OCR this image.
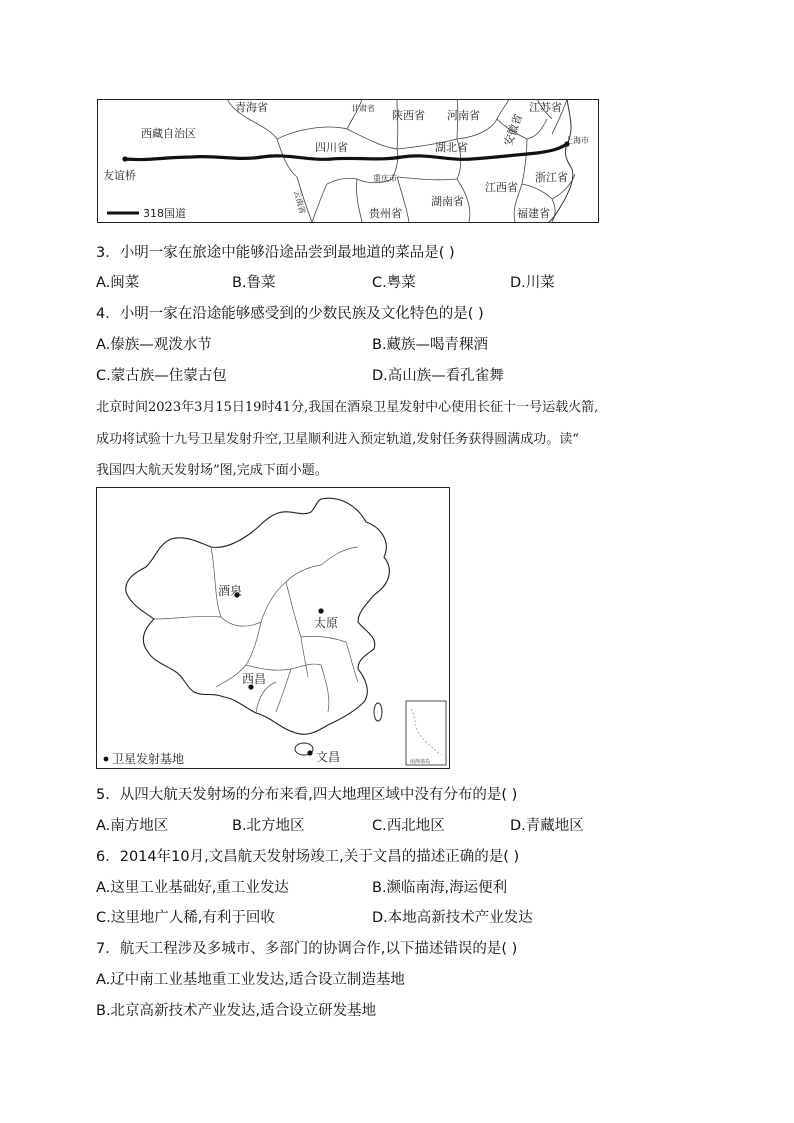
青海省	甘肃省
陕西省 河南省
江苏省
西藏自治区
四川省	湖北省	安徽省	上海市
友谊桥	重庆市
云南省	贵州省
湖南省
江西省
浙江省
福建省
318国道
3．小明一家在旅途中能够沿途品尝到最地道的菜品是( )
A.闽菜	B.鲁菜	C.粤菜	D.川菜
4．小明一家在沿途能够感受到的少数民族及文化特色的是( )
A.傣族—观泼水节	B.藏族—喝青稞酒
C.蒙古族—住蒙古包	D.高山族—看孔雀舞
北京时间2023年3月15日19时41分,我国在酒泉卫星发射中心使用长征十一号运载火箭,
成功将试验十九号卫星发射升空,卫星顺利进入预定轨道,发射任务获得圆满成功。读“
我国四大航天发射场”图,完成下面小题。
南海诸岛
酒泉
太原
西昌
文昌
卫星发射基地
5．从四大航天发射场的分布来看,四大地理区域中没有分布的是( )
A.南方地区	B.北方地区	C.西北地区	D.青藏地区
6．2014年10月,文昌航天发射场竣工,关于文昌的描述正确的是( )
A.这里工业基础好,重工业发达	B.濒临南海,海运便利
C.这里地广人稀,有利于回收	D.本地高新技术产业发达
7．航天工程涉及多城市、多部门的协调合作,以下描述错误的是( )
A.辽中南工业基地重工业发达,适合设立制造基地
B.北京高新技术产业发达,适合设立研发基地
